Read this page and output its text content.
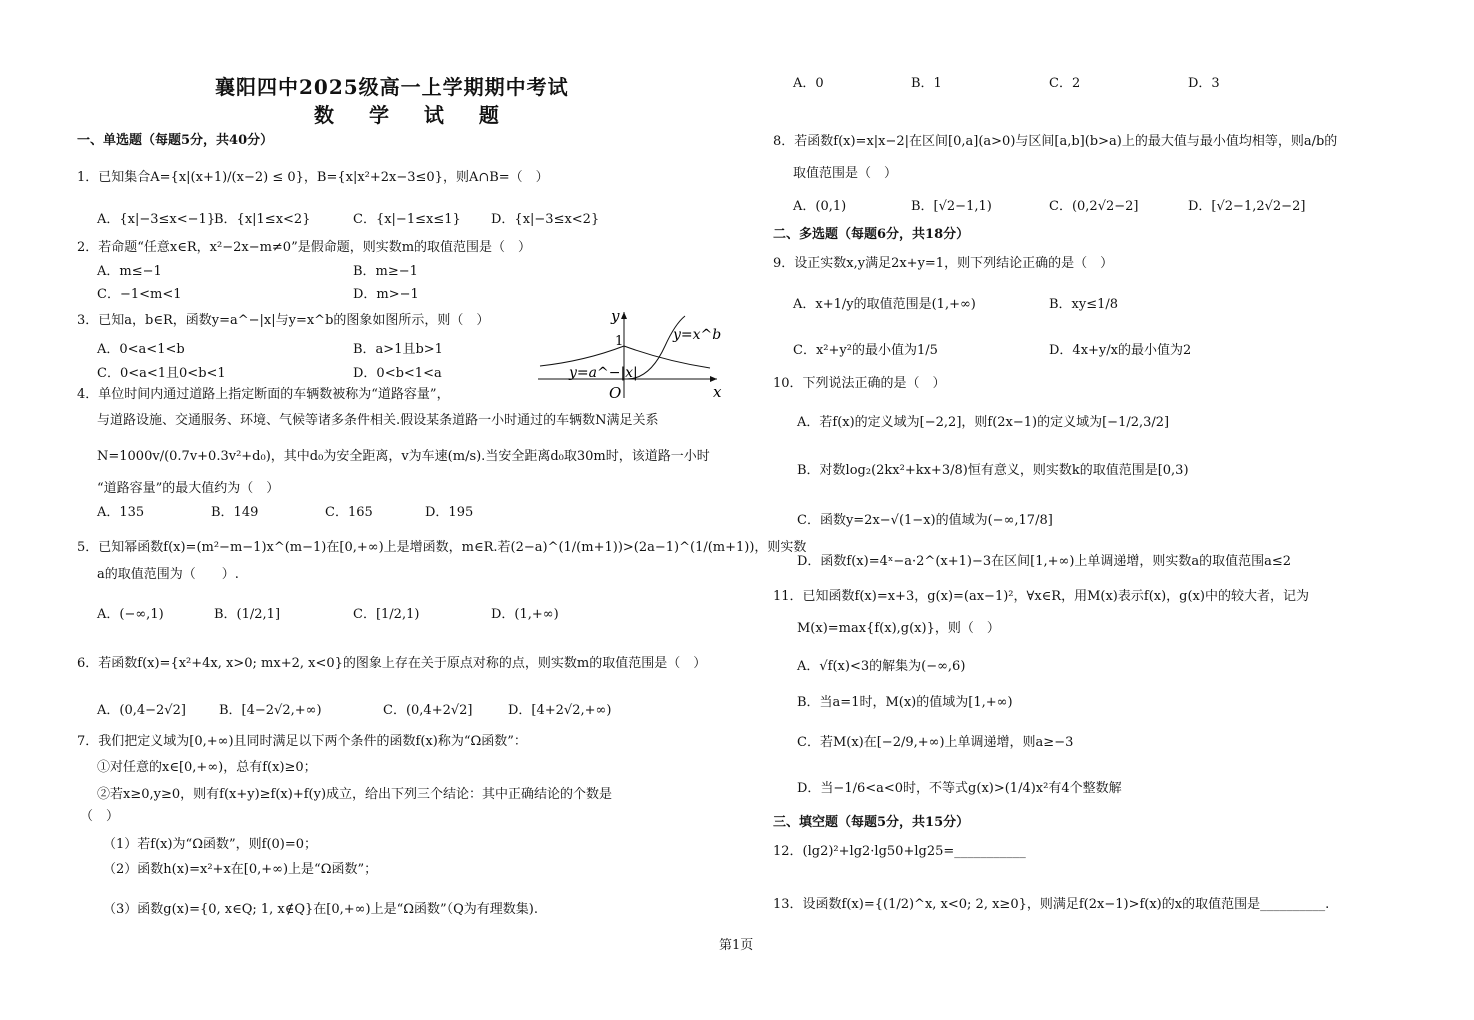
襄阳四中2025级高一上学期期中考试
数 学 试 题
一、单选题（每题5分，共40分）
1．已知集合A={x|(x+1)/(x−2) ≤ 0}，B={x|x²+2x−3≤0}，则A∩B=（　）
A．{x|−3≤x<−1}
B．{x|1≤x<2}	C．{x|−1≤x≤1} D．{x|−3≤x<2}
2．若命题“任意x∈R，x²−2x−m≠0”是假命题，则实数m的取值范围是（　）
A．m≤−1	B．m≥−1
C．−1<m<1	D．m>−1
3．已知a，b∈R，函数y=a^−|x|与y=x^b的图象如图所示，则（　）
A．0<a<1<b	B．a>1且b>1
C．0<a<1且0<b<1	D．0<b<1<a
y
x
O
1	y=x^b
y=a^−|x|
4．单位时间内通过道路上指定断面的车辆数被称为“道路容量”，
与道路设施、交通服务、环境、气候等诸多条件相关.假设某条道路一小时通过的车辆数N满足关系
N=1000v/(0.7v+0.3v²+d₀)，其中d₀为安全距离，v为车速(m/s).当安全距离d₀取30m时，该道路一小时
“道路容量”的最大值约为（　）
A．135	B．149	C．165	D．195
5．已知幂函数f(x)=(m²−m−1)x^(m−1)在[0,+∞)上是增函数，m∈R.若(2−a)^(1/(m+1))>(2a−1)^(1/(m+1))，则实数
a的取值范围为（　　）.
A．(−∞,1)	B．(1/2,1]	C．[1/2,1)	D．(1,+∞)
6．若函数f(x)={x²+4x, x>0; mx+2, x<0}的图象上存在关于原点对称的点，则实数m的取值范围是（　）
A．(0,4−2√2]	B．[4−2√2,+∞)	C．(0,4+2√2]	D．[4+2√2,+∞)
7．我们把定义域为[0,+∞)且同时满足以下两个条件的函数f(x)称为“Ω函数”：
①对任意的x∈[0,+∞)，总有f(x)≥0；
②若x≥0,y≥0，则有f(x+y)≥f(x)+f(y)成立，给出下列三个结论：其中正确结论的个数是
（　）
（1）若f(x)为“Ω函数”，则f(0)=0；
（2）函数h(x)=x²+x在[0,+∞)上是“Ω函数”；
（3）函数g(x)={0, x∈Q; 1, x∉Q}在[0,+∞)上是“Ω函数”（Q为有理数集).
A．0	B．1	C．2	D．3
8．若函数f(x)=x|x−2|在区间[0,a](a>0)与区间[a,b](b>a)上的最大值与最小值均相等，则a/b的
取值范围是（　）
A．(0,1)	B．[√2−1,1)	C．(0,2√2−2]	D．[√2−1,2√2−2]
二、多选题（每题6分，共18分）
9．设正实数x,y满足2x+y=1，则下列结论正确的是（　）
A．x+1/y的取值范围是(1,+∞)	B．xy≤1/8
C．x²+y²的最小值为1/5	D．4x+y/x的最小值为2
10．下列说法正确的是（　）
A．若f(x)的定义域为[−2,2]，则f(2x−1)的定义域为[−1/2,3/2]
B．对数log₂(2kx²+kx+3/8)恒有意义，则实数k的取值范围是[0,3)
C．函数y=2x−√(1−x)的值域为(−∞,17/8]
D．函数f(x)=4ˣ−a·2^(x+1)−3在区间[1,+∞)上单调递增，则实数a的取值范围a≤2
11．已知函数f(x)=x+3，g(x)=(ax−1)²，∀x∈R，用M(x)表示f(x)，g(x)中的较大者，记为
M(x)=max{f(x),g(x)}，则（　）
A．√f(x)<3的解集为(−∞,6)
B．当a=1时，M(x)的值域为[1,+∞)
C．若M(x)在[−2/9,+∞)上单调递增，则a≥−3
D．当−1/6<a<0时，不等式g(x)>(1/4)x²有4个整数解
三、填空题（每题5分，共15分）
12．(lg2)²+lg2·lg50+lg25=___________
13．设函数f(x)={(1/2)^x, x<0; 2, x≥0}，则满足f(2x−1)>f(x)的x的取值范围是__________.
第1页
